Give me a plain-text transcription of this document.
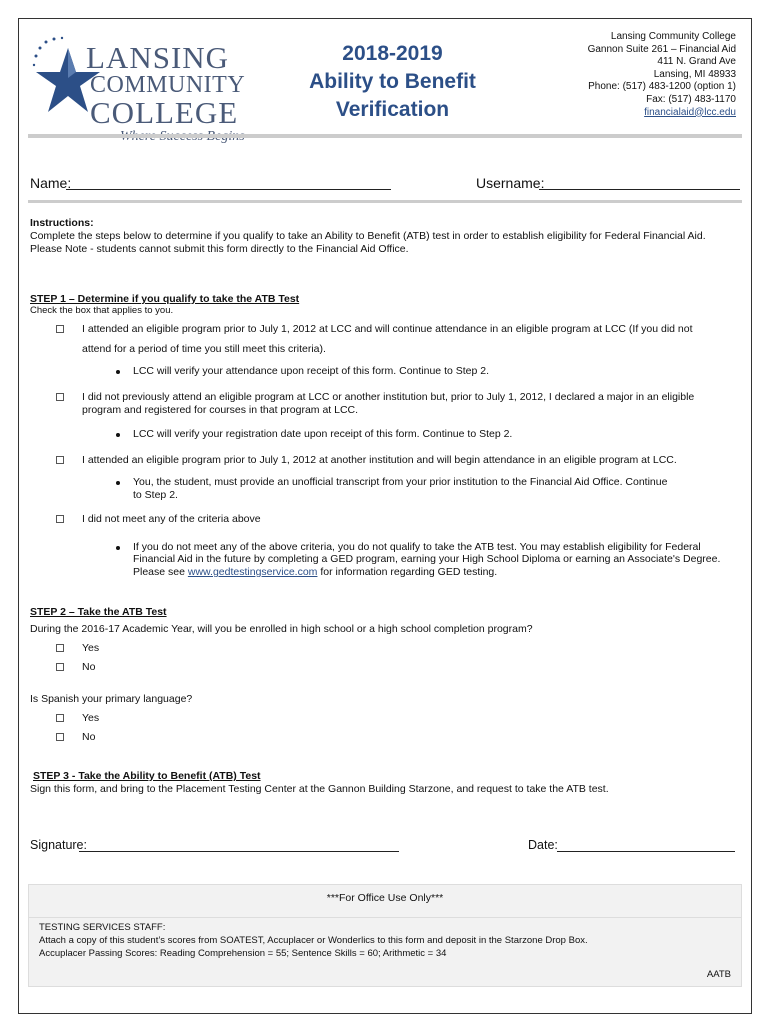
LANSING
COMMUNITY
COLLEGE
2018-2019
Ability to Benefit
Verification
Lansing Community College
Gannon Suite 261 – Financial Aid
411 N. Grand Ave
Lansing, MI 48933
Phone: (517) 483-1200 (option 1)
Fax: (517) 483-1170
financialaid@lcc.edu
Name:	Username:
Instructions:
Complete the steps below to determine if you qualify to take an Ability to Benefit (ATB) test in order to establish eligibility for Federal Financial Aid.
Please Note - students cannot submit this form directly to the Financial Aid Office.
STEP 1 – Determine if you qualify to take the ATB Test
Check the box that applies to you.
I attended an eligible program prior to July 1, 2012 at LCC and will continue attendance in an eligible program at LCC (If you did not
attend for a period of time you still meet this criteria).
LCC will verify your attendance upon receipt of this form. Continue to Step 2.
I did not previously attend an eligible program at LCC or another institution but, prior to July 1, 2012, I declared a major in an eligible
program and registered for courses in that program at LCC.
LCC will verify your registration date upon receipt of this form. Continue to Step 2.
I attended an eligible program prior to July 1, 2012 at another institution and will begin attendance in an eligible program at LCC.
You, the student, must provide an unofficial transcript from your prior institution to the Financial Aid Office. Continue
to Step 2.
I did not meet any of the criteria above
If you do not meet any of the above criteria, you do not qualify to take the ATB test. You may establish eligibility for Federal
Financial Aid in the future by completing a GED program, earning your High School Diploma or earning an Associate's Degree.
Please see www.gedtestingservice.com for information regarding GED testing.
STEP 2 – Take the ATB Test
During the 2016-17 Academic Year, will you be enrolled in high school or a high school completion program?
Yes
No
Is Spanish your primary language?
Yes
No
STEP 3 - Take the Ability to Benefit (ATB) Test
Sign this form, and bring to the Placement Testing Center at the Gannon Building Starzone, and request to take the ATB test.
Signature:	Date:
***For Office Use Only***
TESTING SERVICES STAFF:
Attach a copy of this student’s scores from SOATEST, Accuplacer or Wonderlics to this form and deposit in the Starzone Drop Box.
Accuplacer Passing Scores: Reading Comprehension = 55; Sentence Skills = 60; Arithmetic = 34
AATB
